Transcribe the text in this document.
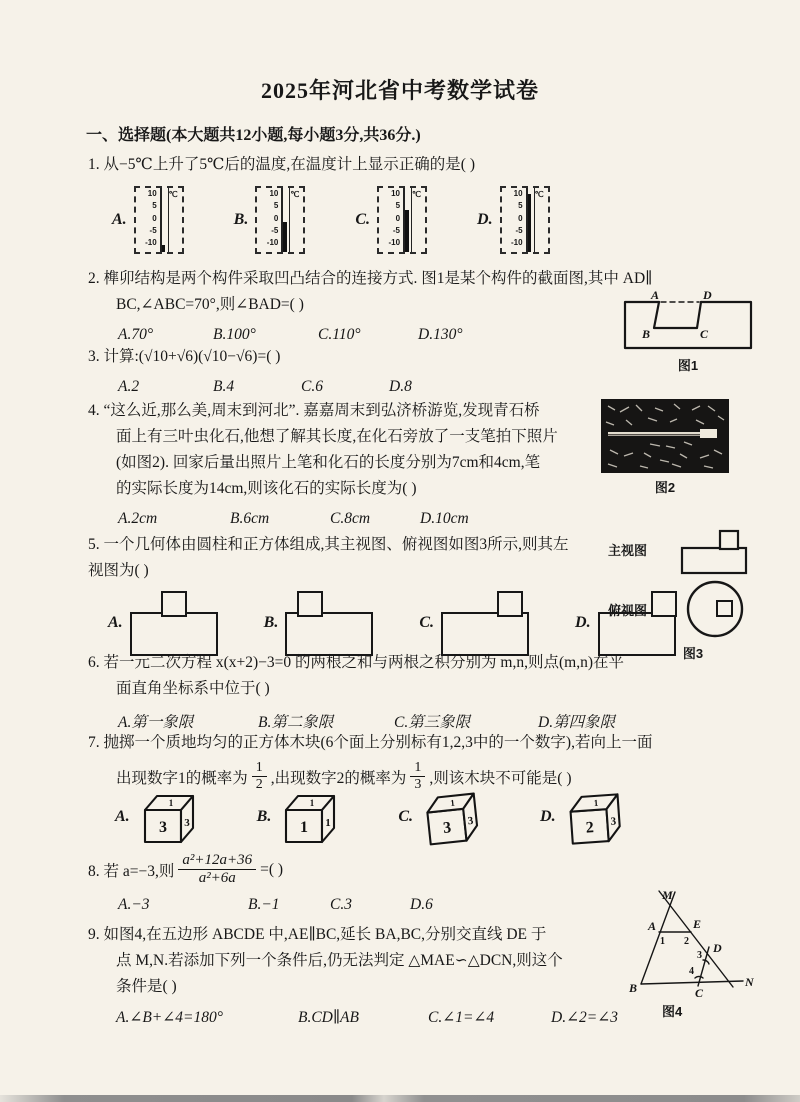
2025年河北省中考数学试卷
一、选择题(本大题共12小题,每小题3分,共36分.)
1. 从−5℃上升了5℃后的温度,在温度计上显示正确的是( )
A.
10
5
0
-5
-10
℃
B.
10
5
0
-5
-10
℃
C.
10
5
0
-5
-10
℃
D.
10
5
0
-5
-10
℃
2. 榫卯结构是两个构件采取凹凸结合的连接方式. 图1是某个构件的截面图,其中 AD∥
BC,∠ABC=70°,则∠BAD=( )
A.70°	B.100°	C.110°	D.130°
A	D
B	C
图1
3. 计算:(√10+√6)(√10−√6)=( )
A.2	B.4	C.6	D.8
4. “这么近,那么美,周末到河北”. 嘉嘉周末到弘济桥游览,发现青石桥
面上有三叶虫化石,他想了解其长度,在化石旁放了一支笔拍下照片
(如图2). 回家后量出照片上笔和化石的长度分别为7cm和4cm,笔
的实际长度为14cm,则该化石的实际长度为( )
A.2cm	B.6cm	C.8cm	D.10cm
图2
5. 一个几何体由圆柱和正方体组成,其主视图、俯视图如图3所示,则其左
视图为( )
A.	B.	C.	D.
主视图
俯视图
图3
6. 若一元二次方程 x(x+2)−3=0 的两根之和与两根之积分别为 m,n,则点(m,n)在平
面直角坐标系中位于( )
A.第一象限	B.第二象限	C.第三象限	D.第四象限
7. 抛掷一个质地均匀的正方体木块(6个面上分别标有1,2,3中的一个数字),若向上一面
出现数字1的概率为 $\frac{1}{2}$ ,出现数字2的概率为 $\frac{1}{3}$ ,则该木块不可能是( )
A.
3
1
3	B.
1
1
1	C.
3
1
3	D.
2
1
3
8. 若 a=−3,则 $\frac{\text{a²+12a+36}}{\text{a²+6a}}$ =( )
A.−3	B.−1	C.3	D.6
9. 如图4,在五边形 ABCDE 中,AE∥BC,延长 BA,BC,分别交直线 DE 于
点 M,N.若添加下列一个条件后,仍无法判定 △MAE∽△DCN,则这个
条件是( )
A.∠B+∠4=180°	B.CD∥AB	C.∠1=∠4	D.∠2=∠3
M
A	E
D
B	C
N
1 2
3
4
图4
